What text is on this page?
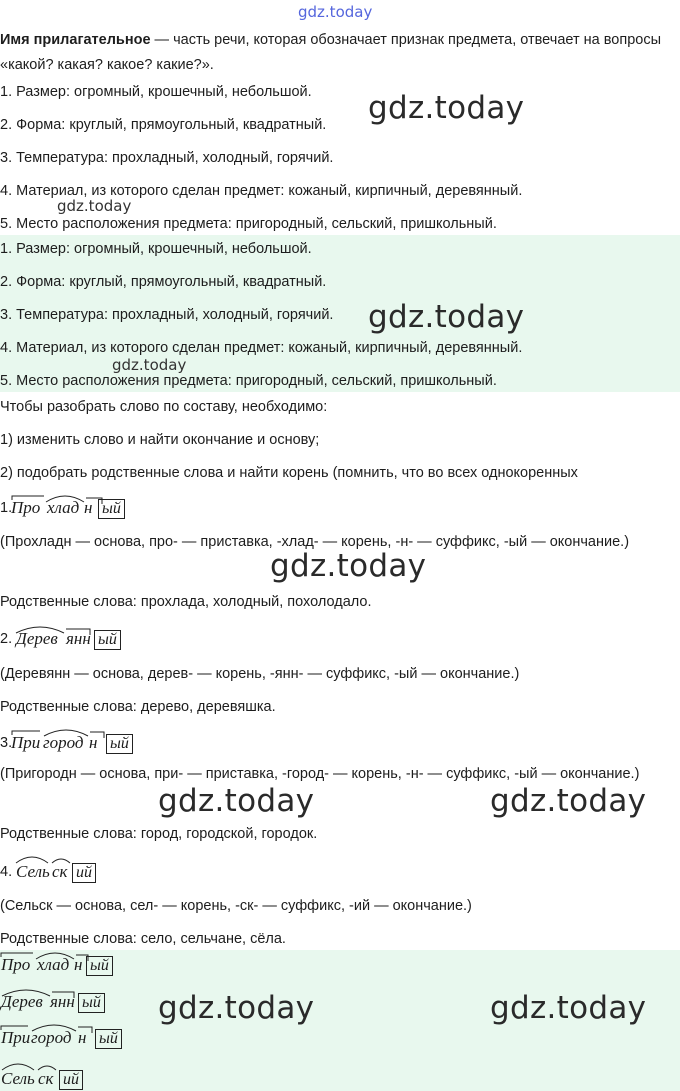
gdz.today
Имя прилагательное — часть речи, которая обозначает признак предмета, отвечает на вопросы «какой? какая? какое? какие?».
1. Размер: огромный, крошечный, небольшой.
2. Форма: круглый, прямоугольный, квадратный.
3. Температура: прохладный, холодный, горячий.
4. Материал, из которого сделан предмет: кожаный, кирпичный, деревянный.
5. Место расположения предмета: пригородный, сельский, пришкольный.
1. Размер: огромный, крошечный, небольшой.
2. Форма: круглый, прямоугольный, квадратный.
3. Температура: прохладный, холодный, горячий.
4. Материал, из которого сделан предмет: кожаный, кирпичный, деревянный.
5. Место расположения предмета: пригородный, сельский, пришкольный.
gdz.today
gdz.today
gdz.today
gdz.today
Чтобы разобрать слово по составу, необходимо:
1) изменить слово и найти окончание и основу;
2) подобрать родственные слова и найти корень (помнить, что во всех однокоренных
1.
Про хлад н ый
(Прохладн — основа, про- — приставка, -хлад- — корень, -н- — суффикс, -ый — окончание.)
Родственные слова: прохлада, холодный, похолодало.
gdz.today
2. Дерев янн ый
(Деревянн — основа, дерев- — корень, -янн- — суффикс, -ый — окончание.)
Родственные слова: дерево, деревяшка.
3.
При город н ый
(Пригородн — основа, при- — приставка, -город- — корень, -н- — суффикс, -ый — окончание.)
Родственные слова: город, городской, городок.
gdz.today	gdz.today
4. Сель ск ий
(Сельск — основа, сел- — корень, -ск- — суффикс, -ий — окончание.)
Родственные слова: село, сельчане, сёла.
Про хлад н ый
Дерев янн ый
При город н ый
Сель ск ий
gdz.today	gdz.today
